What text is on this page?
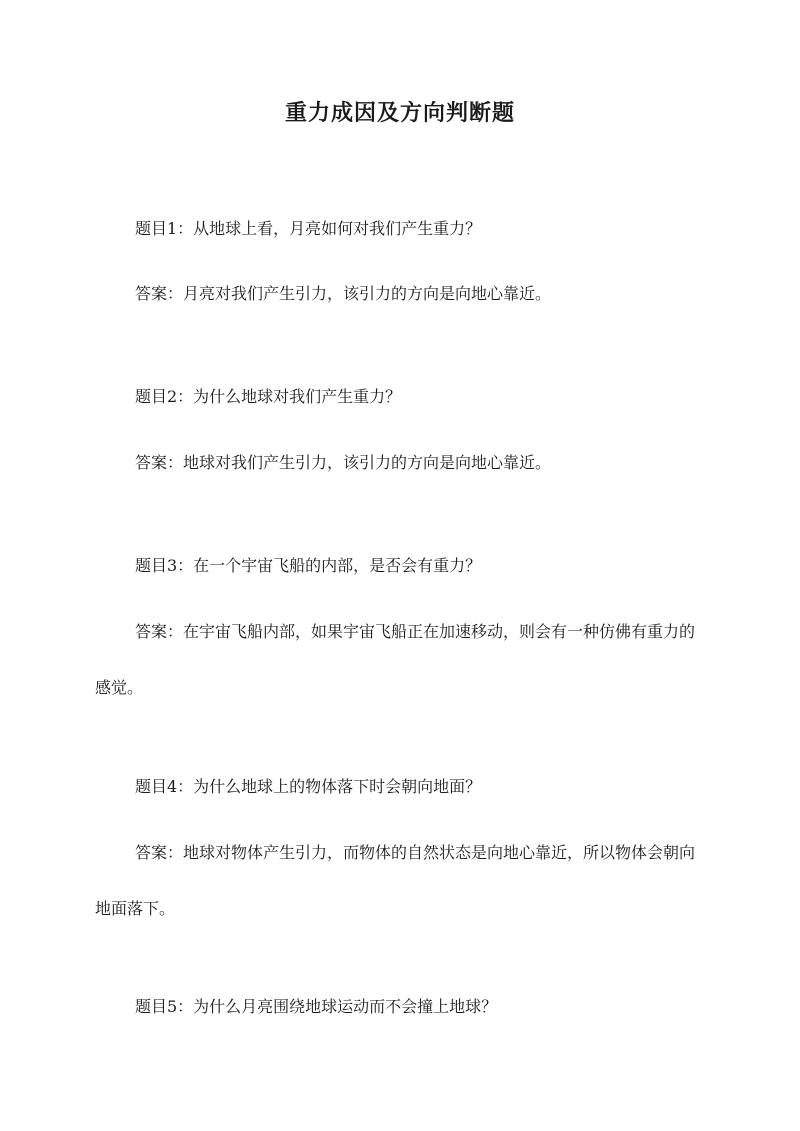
重力成因及方向判断题

题目1：从地球上看，月亮如何对我们产生重力？

答案：月亮对我们产生引力，该引力的方向是向地心靠近。

题目2：为什么地球对我们产生重力？

答案：地球对我们产生引力，该引力的方向是向地心靠近。

题目3：在一个宇宙飞船的内部，是否会有重力？

答案：在宇宙飞船内部，如果宇宙飞船正在加速移动，则会有一种仿佛有重力的感觉。

题目4：为什么地球上的物体落下时会朝向地面？

答案：地球对物体产生引力，而物体的自然状态是向地心靠近，所以物体会朝向地面落下。

题目5：为什么月亮围绕地球运动而不会撞上地球？
